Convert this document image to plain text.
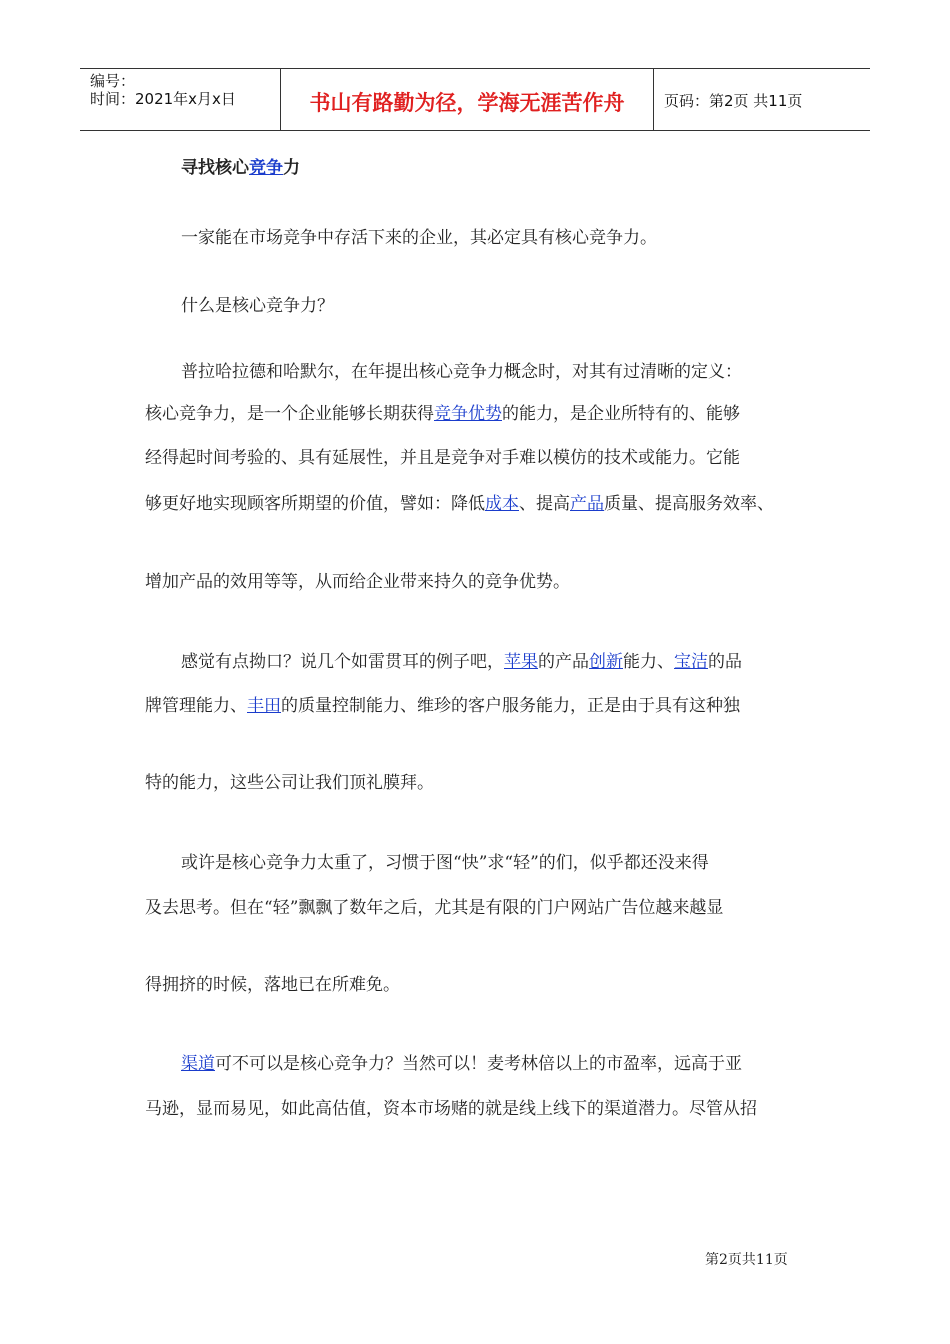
编号：
时间：2021年x月x日	书山有路勤为径，学海无涯苦作舟	页码：第2页 共11页
寻找核心竞争力
一家能在市场竞争中存活下来的企业，其必定具有核心竞争力。
什么是核心竞争力？
普拉哈拉德和哈默尔，在年提出核心竞争力概念时，对其有过清晰的定义：
核心竞争力，是一个企业能够长期获得竞争优势的能力，是企业所特有的、能够
经得起时间考验的、具有延展性，并且是竞争对手难以模仿的技术或能力。它能
够更好地实现顾客所期望的价值，譬如：降低成本、提高产品质量、提高服务效率、
增加产品的效用等等，从而给企业带来持久的竞争优势。
感觉有点拗口？说几个如雷贯耳的例子吧，苹果的产品创新能力、宝洁的品
牌管理能力、丰田的质量控制能力、维珍的客户服务能力，正是由于具有这种独
特的能力，这些公司让我们顶礼膜拜。
或许是核心竞争力太重了，习惯于图“快”求“轻”的们，似乎都还没来得
及去思考。但在“轻”飘飘了数年之后，尤其是有限的门户网站广告位越来越显
得拥挤的时候，落地已在所难免。
渠道可不可以是核心竞争力？当然可以！麦考林倍以上的市盈率，远高于亚
马逊，显而易见，如此高估值，资本市场赌的就是线上线下的渠道潜力。尽管从招
第2页共11页
